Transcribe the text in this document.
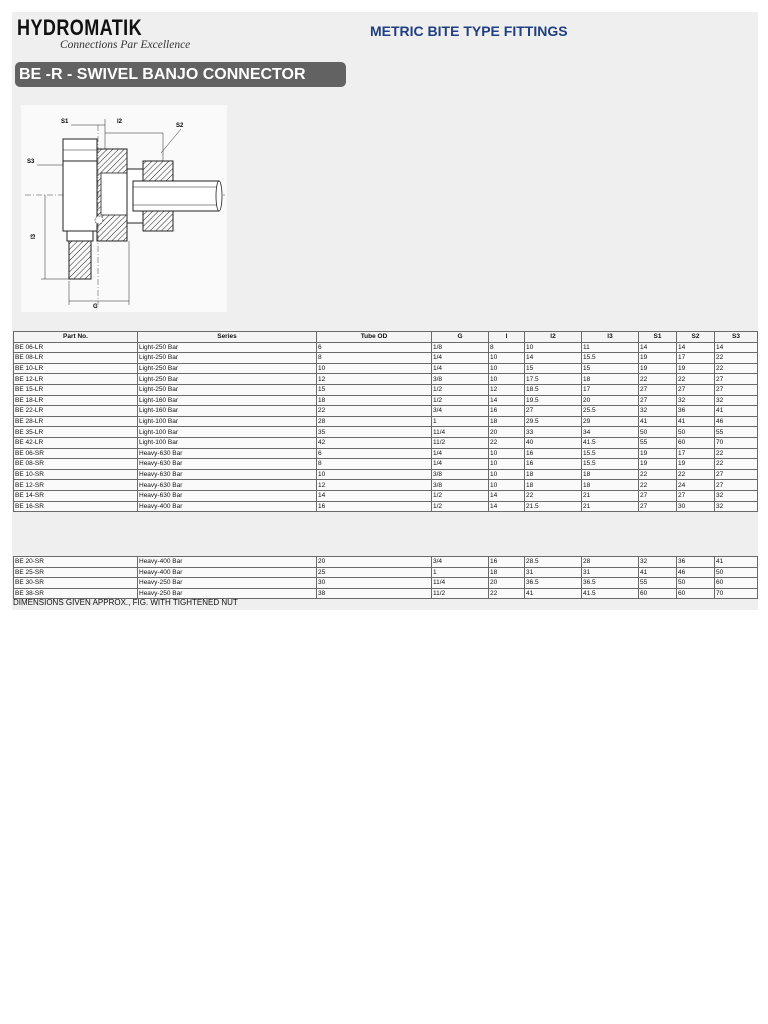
HYDROMATIK
Connections Par Excellence
METRIC BITE TYPE FITTINGS
BE -R - SWIVEL BANJO CONNECTOR
S1	l2
S2
S3
l3
G
Part No.	Series	Tube OD	G	l	l2	l3	S1	S2	S3
BE 06-LR	Light-250 Bar	6	1/8	8	10	11	14	14	14
BE 08-LR	Light-250 Bar	8	1/4	10	14	15.5	19	17	22
BE 10-LR	Light-250 Bar	10	1/4	10	15	15	19	19	22
BE 12-LR	Light-250 Bar	12	3/8	10	17.5	18	22	22	27
BE 15-LR	Light-250 Bar	15	1/2	12	18.5	17	27	27	27
BE 18-LR	Light-160 Bar	18	1/2	14	19.5	20	27	32	32
BE 22-LR	Light-160 Bar	22	3/4	16	27	25.5	32	36	41
BE 28-LR	Light-100 Bar	28	1	18	29.5	29	41	41	46
BE 35-LR	Light-100 Bar	35	11/4	20	33	34	50	50	55
BE 42-LR	Light-100 Bar	42	11/2	22	40	41.5	55	60	70
BE 06-SR	Heavy-630 Bar	6	1/4	10	16	15.5	19	17	22
BE 08-SR	Heavy-630 Bar	8	1/4	10	16	15.5	19	19	22
BE 10-SR	Heavy-630 Bar	10	3/8	10	18	18	22	22	27
BE 12-SR	Heavy-630 Bar	12	3/8	10	18	18	22	24	27
BE 14-SR	Heavy-630 Bar	14	1/2	14	22	21	27	27	32
BE 16-SR	Heavy-400 Bar	16	1/2	14	21.5	21	27	30	32
BE 20-SR	Heavy-400 Bar	20	3/4	16	28.5	28	32	36	41
BE 25-SR	Heavy-400 Bar	25	1	18	31	31	41	46	50
BE 30-SR	Heavy-250 Bar	30	11/4	20	36.5	36.5	55	50	60
BE 38-SR	Heavy-250 Bar	38	11/2	22	41	41.5	60	60	70
DIMENSIONS GIVEN APPROX., FIG. WITH TIGHTENED NUT
